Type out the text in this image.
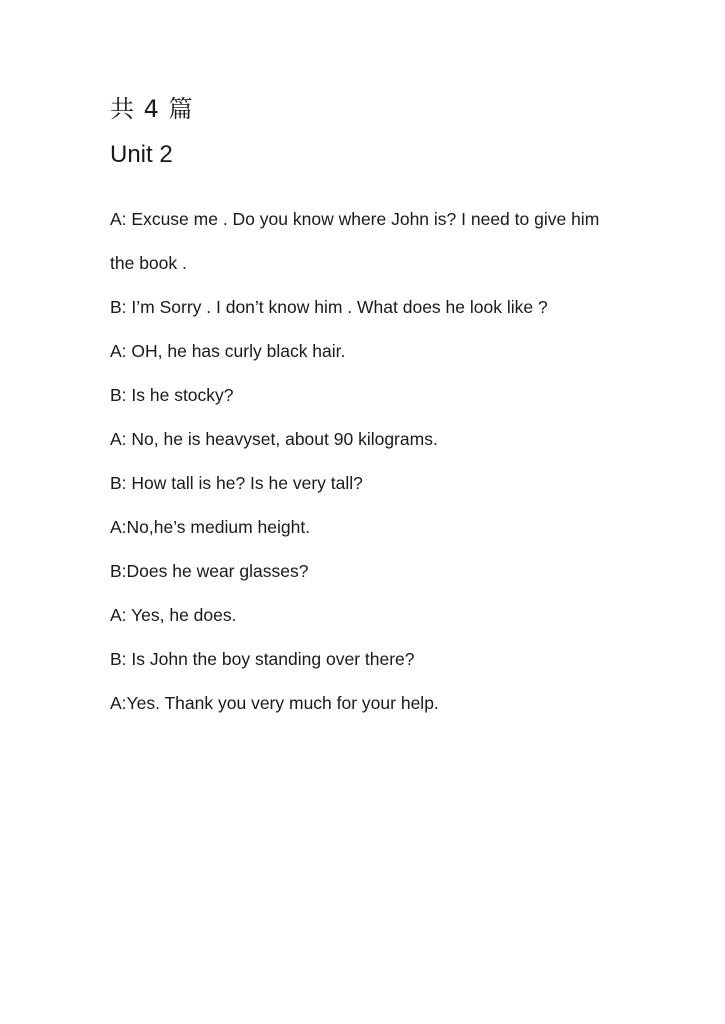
共 4 篇
Unit 2
A: Excuse me . Do you know where John is? I need to give him
the book .
B: I’m Sorry . I don’t know him . What does he look like ?
A: OH, he has curly black hair.
B: Is he stocky?
A: No, he is heavyset, about 90 kilograms.
B: How tall is he? Is he very tall?
A:No,he’s medium height.
B:Does he wear glasses?
A: Yes, he does.
B: Is John the boy standing over there?
A:Yes. Thank you very much for your help.
